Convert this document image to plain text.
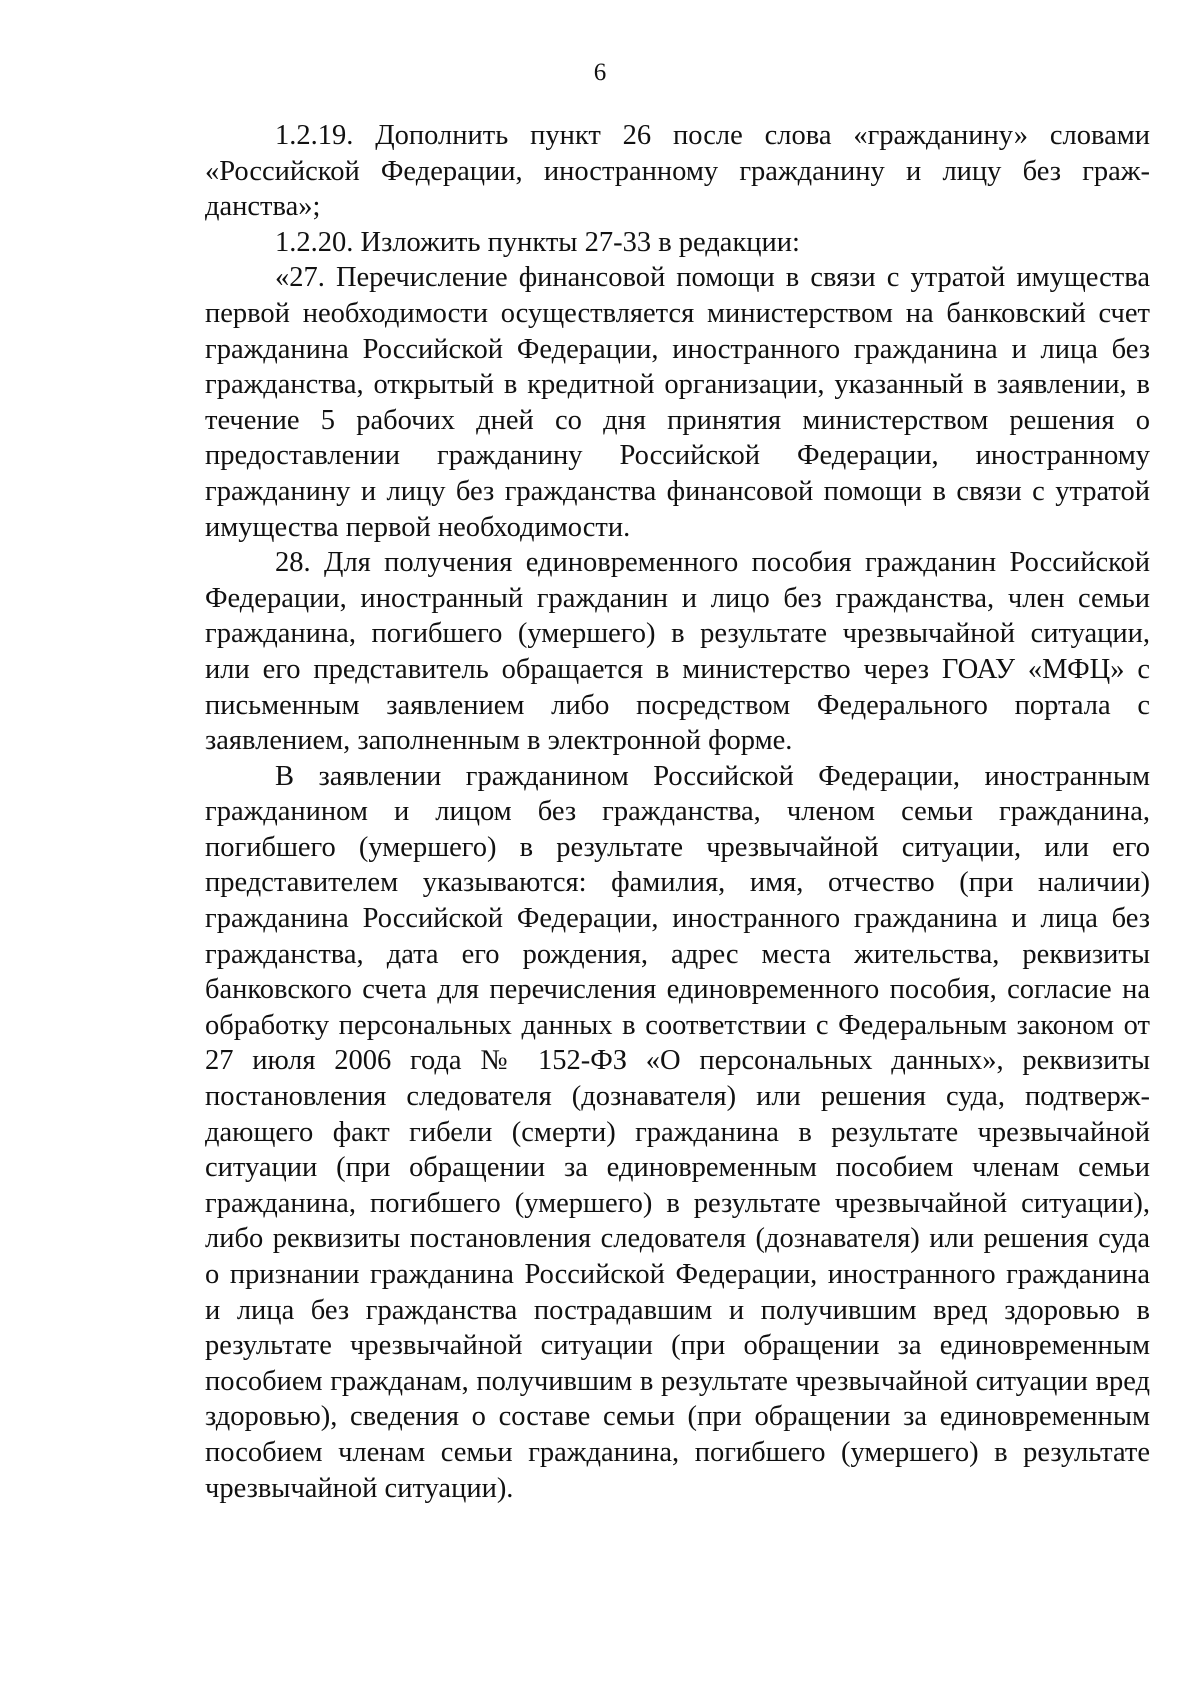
6

1.2.19. Дополнить пункт 26 после слова «гражданину» словами «Российской Федерации, иностранному гражданину и лицу без гражданства»;

1.2.20. Изложить пункты 27-33 в редакции:

«27. Перечисление финансовой помощи в связи с утратой имущества первой необходимости осуществляется министерством на банковский счет гражданина Российской Федерации, иностранного гражданина и лица без гражданства, открытый в кредитной организации, указанный в заявлении, в течение 5 рабочих дней со дня принятия министерством решения о предоставлении гражданину Российской Федерации, иностранному гражданину и лицу без гражданства финансовой помощи в связи с утратой имущества первой необходимости.

28. Для получения единовременного пособия гражданин Российской Федерации, иностранный гражданин и лицо без гражданства, член семьи гражданина, погибшего (умершего) в результате чрезвычайной ситуации, или его представитель обращается в министерство через ГОАУ «МФЦ» с письменным заявлением либо посредством Федерального портала с заявлением, заполненным в электронной форме.

В заявлении гражданином Российской Федерации, иностранным гражданином и лицом без гражданства, членом семьи гражданина, погибшего (умершего) в результате чрезвычайной ситуации, или его представителем указываются: фамилия, имя, отчество (при наличии) гражданина Российской Федерации, иностранного гражданина и лица без гражданства, дата его рождения, адрес места жительства, реквизиты банковского счета для перечисления единовременного пособия, согласие на обработку персональных данных в соответствии с Федеральным законом от 27 июля 2006 года № 152-ФЗ «О персональных данных», реквизиты постановления следователя (дознавателя) или решения суда, подтверждающего факт гибели (смерти) гражданина в результате чрезвычайной ситуации (при обращении за единовременным пособием членам семьи гражданина, погибшего (умершего) в результате чрезвычайной ситуации), либо реквизиты постановления следователя (дознавателя) или решения суда о признании гражданина Российской Федерации, иностранного гражданина и лица без гражданства пострадавшим и получившим вред здоровью в результате чрезвычайной ситуации (при обращении за единовременным пособием гражданам, получившим в результате чрезвычайной ситуации вред здоровью), сведения о составе семьи (при обращении за единовременным пособием членам семьи гражданина, погибшего (умершего) в результате чрезвычайной ситуации).
